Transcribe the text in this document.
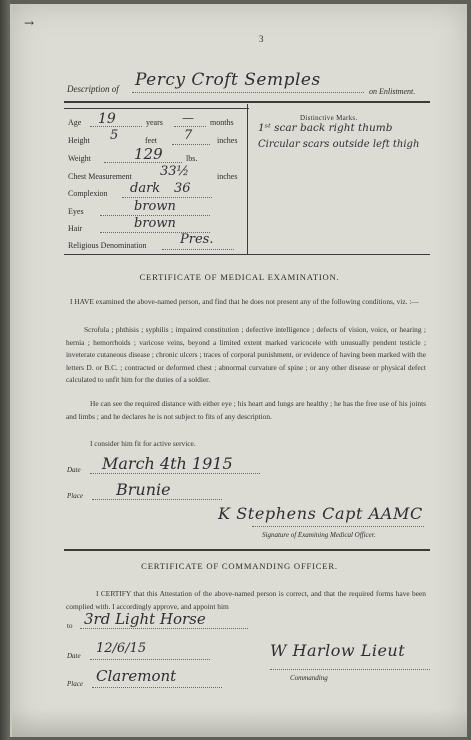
→
3
Description of Percy Croft Semples
on Enlistment.
Age 19	years — months
Height 5	feet 7	inches
Weight	129	lbs.
Chest Measurement 33½	inches
Complexion dark 36
Eyes	brown
Hair	brown
Religious Denomination	Pres.
Distinctive Marks.
1ˢᵗ scar back right thumb
Circular scars outside left thigh
CERTIFICATE OF MEDICAL EXAMINATION.
I HAVE examined the above-named person, and find that he does not present any of the following conditions, viz. :—
Scrofula ; phthisis ; syphilis ; impaired constitution ; defective intelligence ; defects of vision, voice, or hearing ; hernia ; hemorrhoids ; varicose veins, beyond a limited extent marked varicocele with unusually pendent testicle ; inveterate cutaneous disease ; chronic ulcers ; traces of corporal punishment, or evidence of having been marked with the letters D. or B.C. ; contracted or deformed chest ; abnormal curvature of spine ; or any other disease or physical defect calculated to unfit him for the duties of a soldier.
He can see the required distance with either eye ; his heart and lungs are healthy ; he has the free use of his joints and limbs ; and he declares he is not subject to fits of any description.
I consider him fit for active service.
Date March 4th 1915
Place Brunie
K Stephens Capt AAMC
Signature of Examining Medical Officer.
CERTIFICATE OF COMMANDING OFFICER.
I CERTIFY that this Attestation of the above-named person is correct, and that the required forms have been complied with. I accordingly approve, and appoint him
to 3rd Light Horse
Date 12/6/15
Place Claremont
W Harlow Lieut
Commanding
